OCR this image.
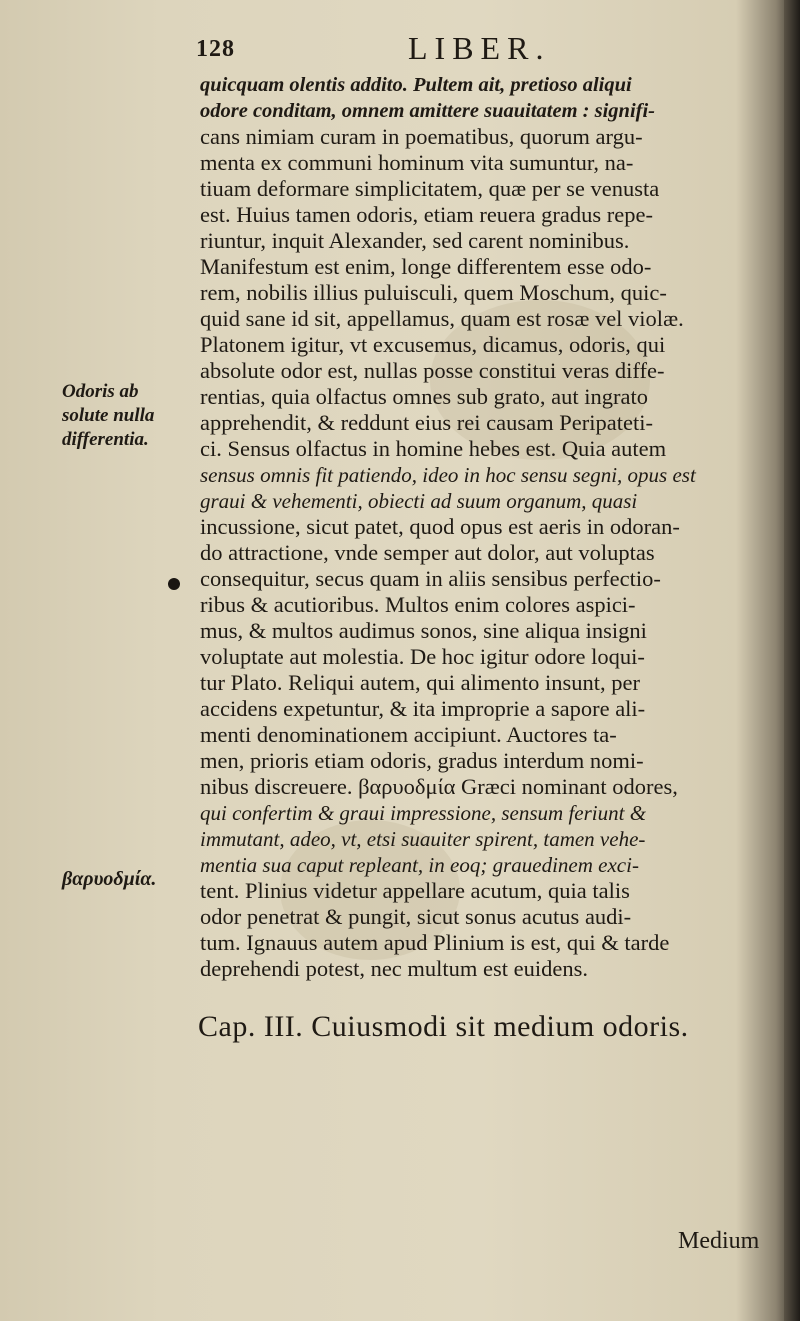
128	LIBER.
Odoris ab
solute nulla
differentia.
βαρυοδμία.
quicquam olentis addito. Pultem ait, pretioso aliqui
odore conditam, omnem amittere suauitatem : signifi-
cans nimiam curam in poematibus, quorum argu-
menta ex communi hominum vita sumuntur, na-
tiuam deformare simplicitatem, quæ per se venusta
est. Huius tamen odoris, etiam reuera gradus repe-
riuntur, inquit Alexander, sed carent nominibus.
Manifestum est enim, longe differentem esse odo-
rem, nobilis illius puluisculi, quem Moschum, quic-
quid sane id sit, appellamus, quam est rosæ vel violæ.
Platonem igitur, vt excusemus, dicamus, odoris, qui
absolute odor est, nullas posse constitui veras diffe-
rentias, quia olfactus omnes sub grato, aut ingrato
apprehendit, & reddunt eius rei causam Peripateti-
ci. Sensus olfactus in homine hebes est. Quia autem
sensus omnis fit patiendo, ideo in hoc sensu segni, opus est
graui & vehementi, obiecti ad suum organum, quasi
incussione, sicut patet, quod opus est aeris in odoran-
do attractione, vnde semper aut dolor, aut voluptas
consequitur, secus quam in aliis sensibus perfectio-
ribus & acutioribus. Multos enim colores aspici-
mus, & multos audimus sonos, sine aliqua insigni
voluptate aut molestia. De hoc igitur odore loqui-
tur Plato. Reliqui autem, qui alimento insunt, per
accidens expetuntur, & ita improprie a sapore ali-
menti denominationem accipiunt. Auctores ta-
men, prioris etiam odoris, gradus interdum nomi-
nibus discreuere. βαρυοδμία Græci nominant odores,
qui confertim & graui impressione, sensum feriunt &
immutant, adeo, vt, etsi suauiter spirent, tamen vehe-
mentia sua caput repleant, in eoq; grauedinem exci-
tent. Plinius videtur appellare acutum, quia talis
odor penetrat & pungit, sicut sonus acutus audi-
tum. Ignauus autem apud Plinium is est, qui & tarde
deprehendi potest, nec multum est euidens.
Cap. III. Cuiusmodi sit medium odoris.
Medium
